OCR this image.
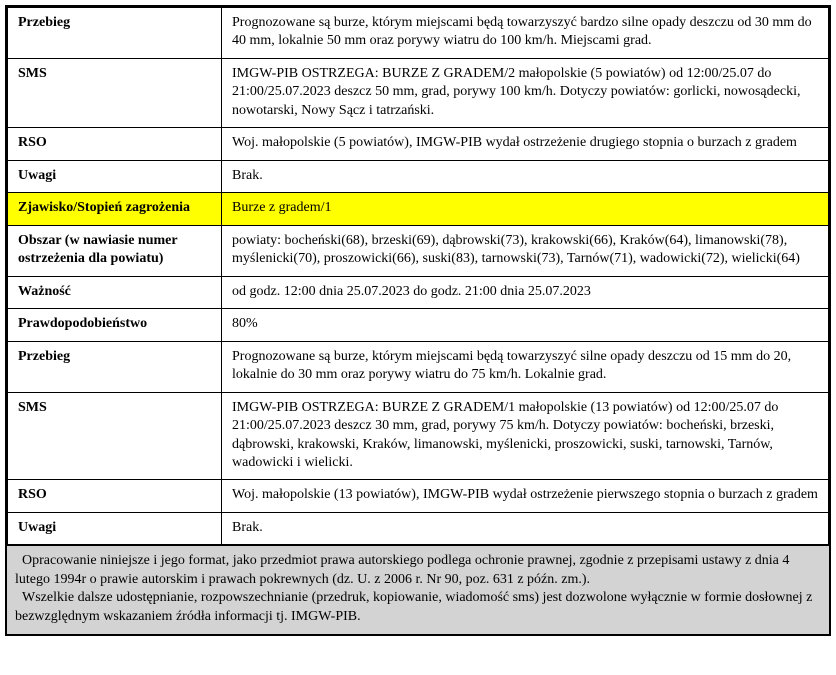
Przebieg	Prognozowane są burze, którym miejscami będą towarzyszyć bardzo silne opady deszczu od 30 mm do 40 mm, lokalnie 50 mm oraz porywy wiatru do 100 km/h. Miejscami grad.
SMS	IMGW-PIB OSTRZEGA: BURZE Z GRADEM/2 małopolskie (5 powiatów) od 12:00/25.07 do 21:00/25.07.2023 deszcz 50 mm, grad, porywy 100 km/h. Dotyczy powiatów: gorlicki, nowosądecki, nowotarski, Nowy Sącz i tatrzański.
RSO	Woj. małopolskie (5 powiatów), IMGW-PIB wydał ostrzeżenie drugiego stopnia o burzach z gradem
Uwagi	Brak.
Zjawisko/Stopień zagrożenia	Burze z gradem/1
Obszar (w nawiasie numer ostrzeżenia dla powiatu)	powiaty: bocheński(68), brzeski(69), dąbrowski(73), krakowski(66), Kraków(64), limanowski(78), myślenicki(70), proszowicki(66), suski(83), tarnowski(73), Tarnów(71), wadowicki(72), wielicki(64)
Ważność	od godz. 12:00 dnia 25.07.2023 do godz. 21:00 dnia 25.07.2023
Prawdopodobieństwo	80%
Przebieg	Prognozowane są burze, którym miejscami będą towarzyszyć silne opady deszczu od 15 mm do 20, lokalnie do 30 mm oraz porywy wiatru do 75 km/h. Lokalnie grad.
SMS	IMGW-PIB OSTRZEGA: BURZE Z GRADEM/1 małopolskie (13 powiatów) od 12:00/25.07 do 21:00/25.07.2023 deszcz 30 mm, grad, porywy 75 km/h. Dotyczy powiatów: bocheński, brzeski, dąbrowski, krakowski, Kraków, limanowski, myślenicki, proszowicki, suski, tarnowski, Tarnów, wadowicki i wielicki.
RSO	Woj. małopolskie (13 powiatów), IMGW-PIB wydał ostrzeżenie pierwszego stopnia o burzach z gradem
Uwagi	Brak.

Opracowanie niniejsze i jego format, jako przedmiot prawa autorskiego podlega ochronie prawnej, zgodnie z przepisami ustawy z dnia 4 lutego 1994r o prawie autorskim i prawach pokrewnych (dz. U. z 2006 r. Nr 90, poz. 631 z późn. zm.).

Wszelkie dalsze udostępnianie, rozpowszechnianie (przedruk, kopiowanie, wiadomość sms) jest dozwolone wyłącznie w formie dosłownej z bezwzględnym wskazaniem źródła informacji tj. IMGW-PIB.
